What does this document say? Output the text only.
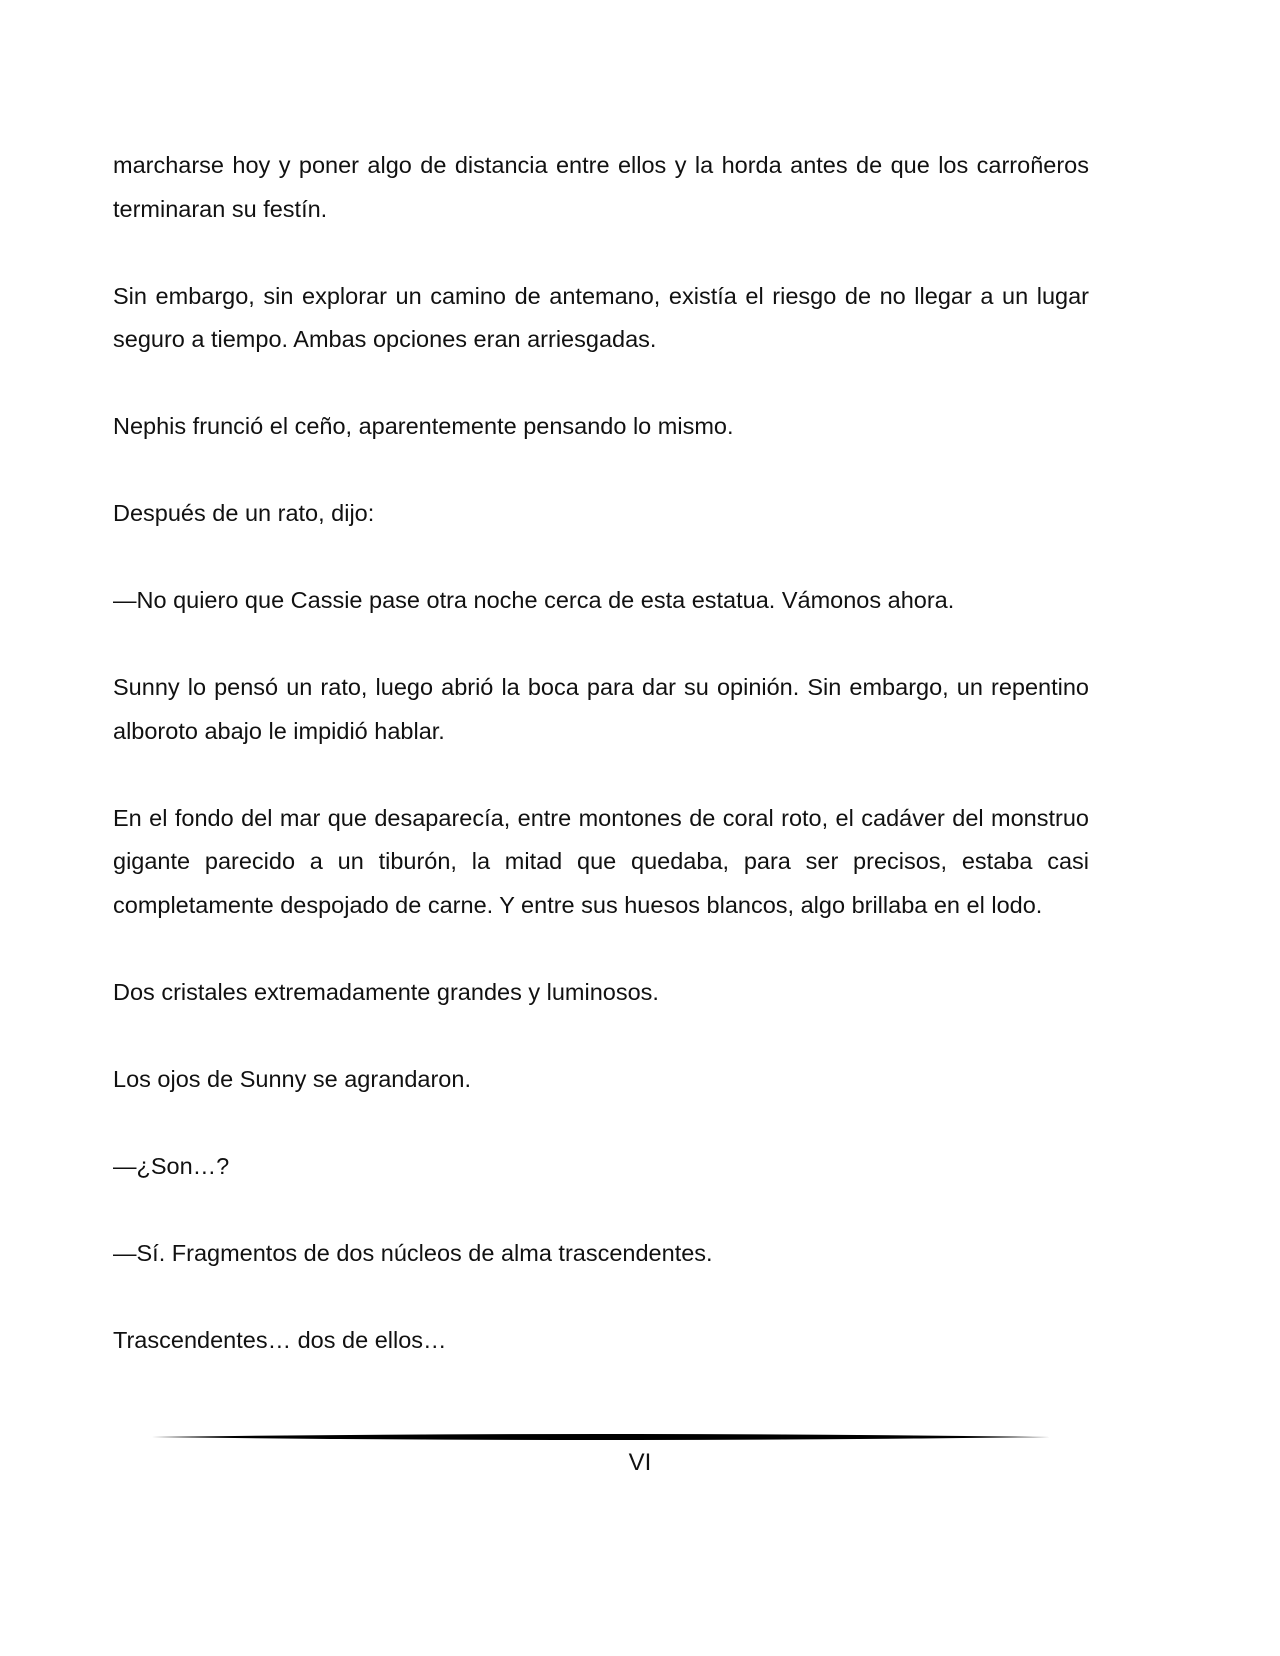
marcharse hoy y poner algo de distancia entre ellos y la horda antes de que los carroñeros terminaran su festín.

Sin embargo, sin explorar un camino de antemano, existía el riesgo de no llegar a un lugar seguro a tiempo. Ambas opciones eran arriesgadas.

Nephis frunció el ceño, aparentemente pensando lo mismo.

Después de un rato, dijo:

—No quiero que Cassie pase otra noche cerca de esta estatua. Vámonos ahora.

Sunny lo pensó un rato, luego abrió la boca para dar su opinión. Sin embargo, un repentino alboroto abajo le impidió hablar.

En el fondo del mar que desaparecía, entre montones de coral roto, el cadáver del monstruo gigante parecido a un tiburón, la mitad que quedaba, para ser precisos, estaba casi completamente despojado de carne. Y entre sus huesos blancos, algo brillaba en el lodo.

Dos cristales extremadamente grandes y luminosos.

Los ojos de Sunny se agrandaron.

—¿Son…?

—Sí. Fragmentos de dos núcleos de alma trascendentes.

Trascendentes… dos de ellos…

VI
